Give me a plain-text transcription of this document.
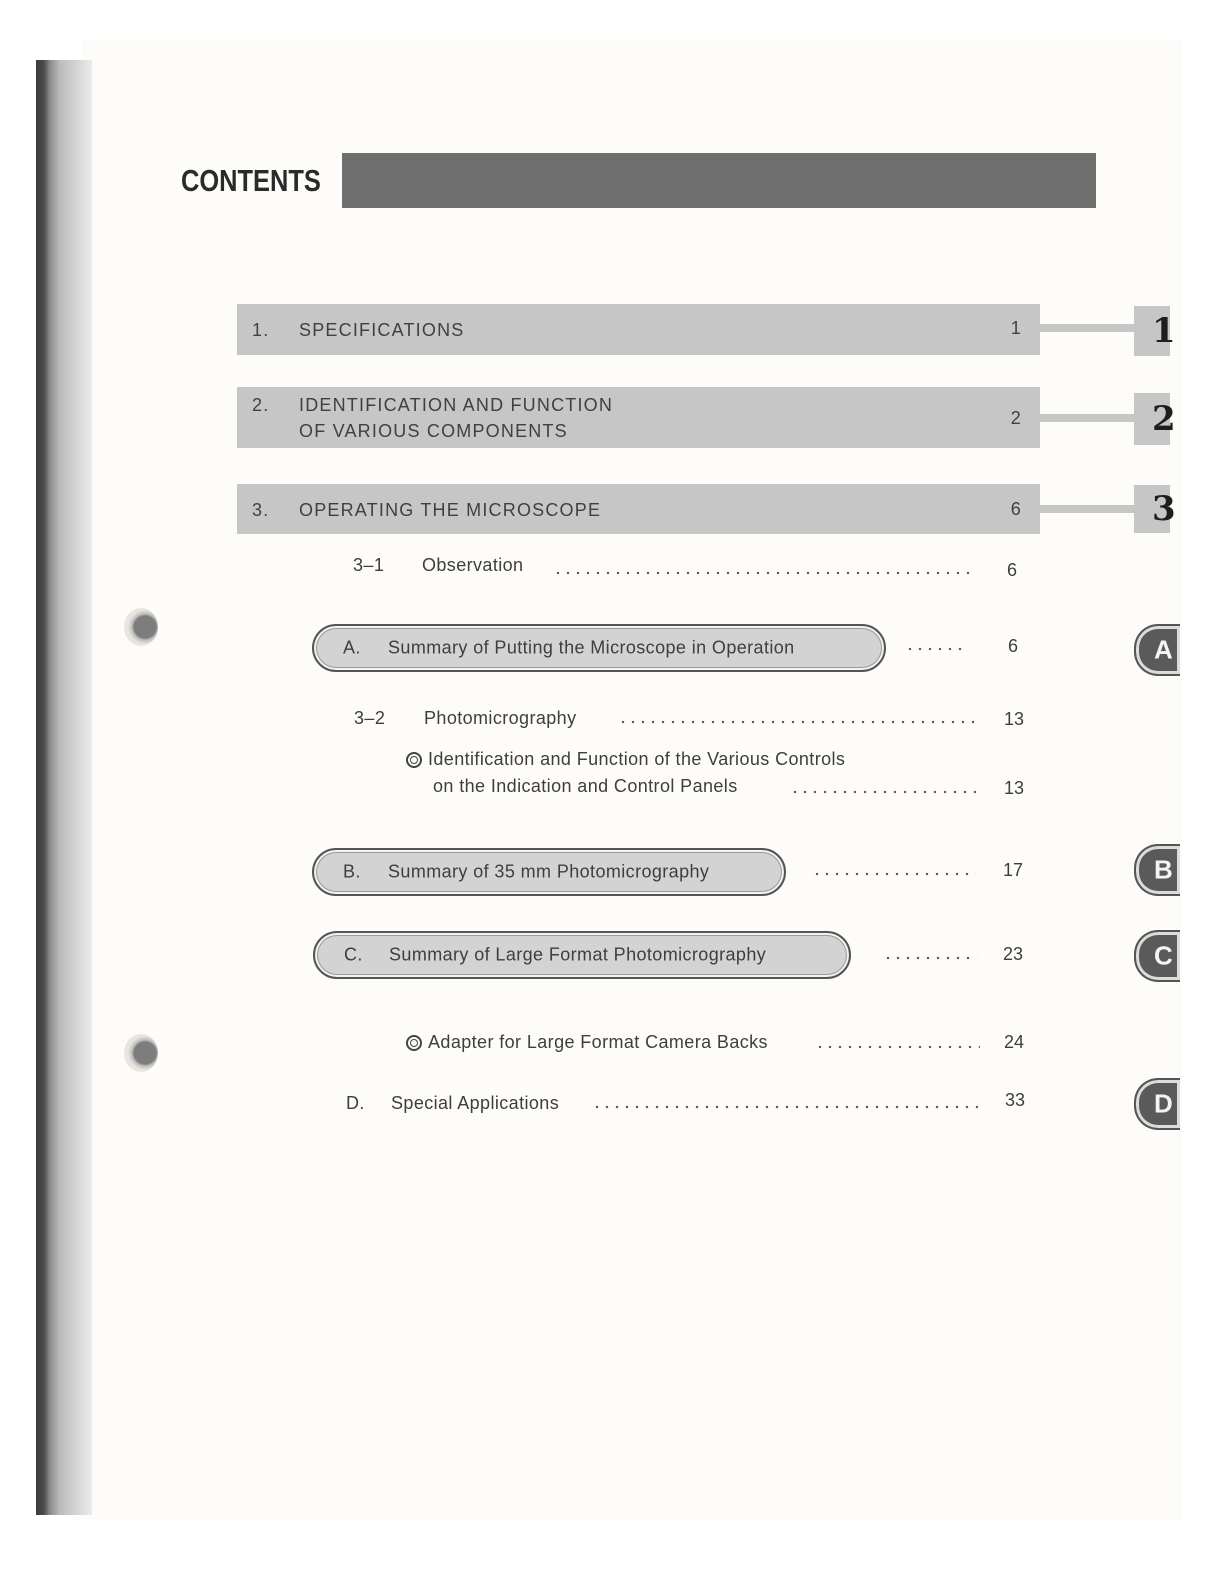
CONTENTS
1. SPECIFICATIONS	1	1
2. IDENTIFICATION AND FUNCTION
OF VARIOUS COMPONENTS
2	2
3. OPERATING THE MICROSCOPE	6	3
3–1 Observation	6
A. Summary of Putting the Microscope in Operation	6	A
3–2 Photomicrography	13
Identification and Function of the Various Controls
on the Indication and Control Panels	13
B. Summary of 35 mm Photomicrography	17	B
C. Summary of Large Format Photomicrography	23	C
Adapter for Large Format Camera Backs	24
D. Special Applications	33	D
